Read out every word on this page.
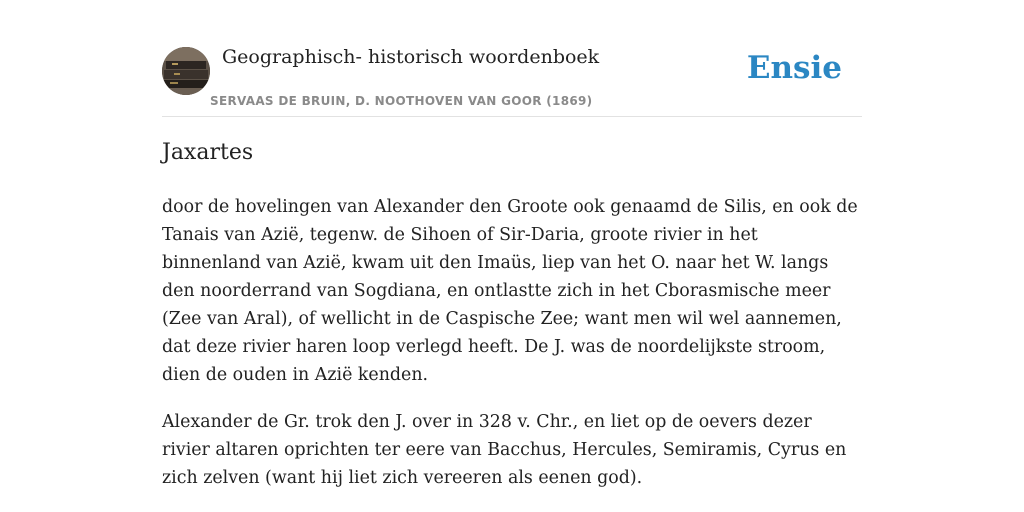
Geographisch- historisch woordenboek
SERVAAS DE BRUIN, D. NOOTHOVEN VAN GOOR (1869)
Ensie
Jaxartes

door de hovelingen van Alexander den Groote ook genaamd de Silis, en ook de Tanais van Azië, tegenw. de Sihoen of Sir-Daria, groote rivier in het binnenland van Azië, kwam uit den Imaüs, liep van het O. naar het W. langs den noorderrand van Sogdiana, en ontlastte zich in het Cborasmische meer (Zee van Aral), of wellicht in de Caspische Zee; want men wil wel aannemen, dat deze rivier haren loop verlegd heeft. De J. was de noordelijkste stroom, dien de ouden in Azië kenden.

Alexander de Gr. trok den J. over in 328 v. Chr., en liet op de oevers dezer rivier altaren oprichten ter eere van Bacchus, Hercules, Semiramis, Cyrus en zich zelven (want hij liet zich vereeren als eenen god).
